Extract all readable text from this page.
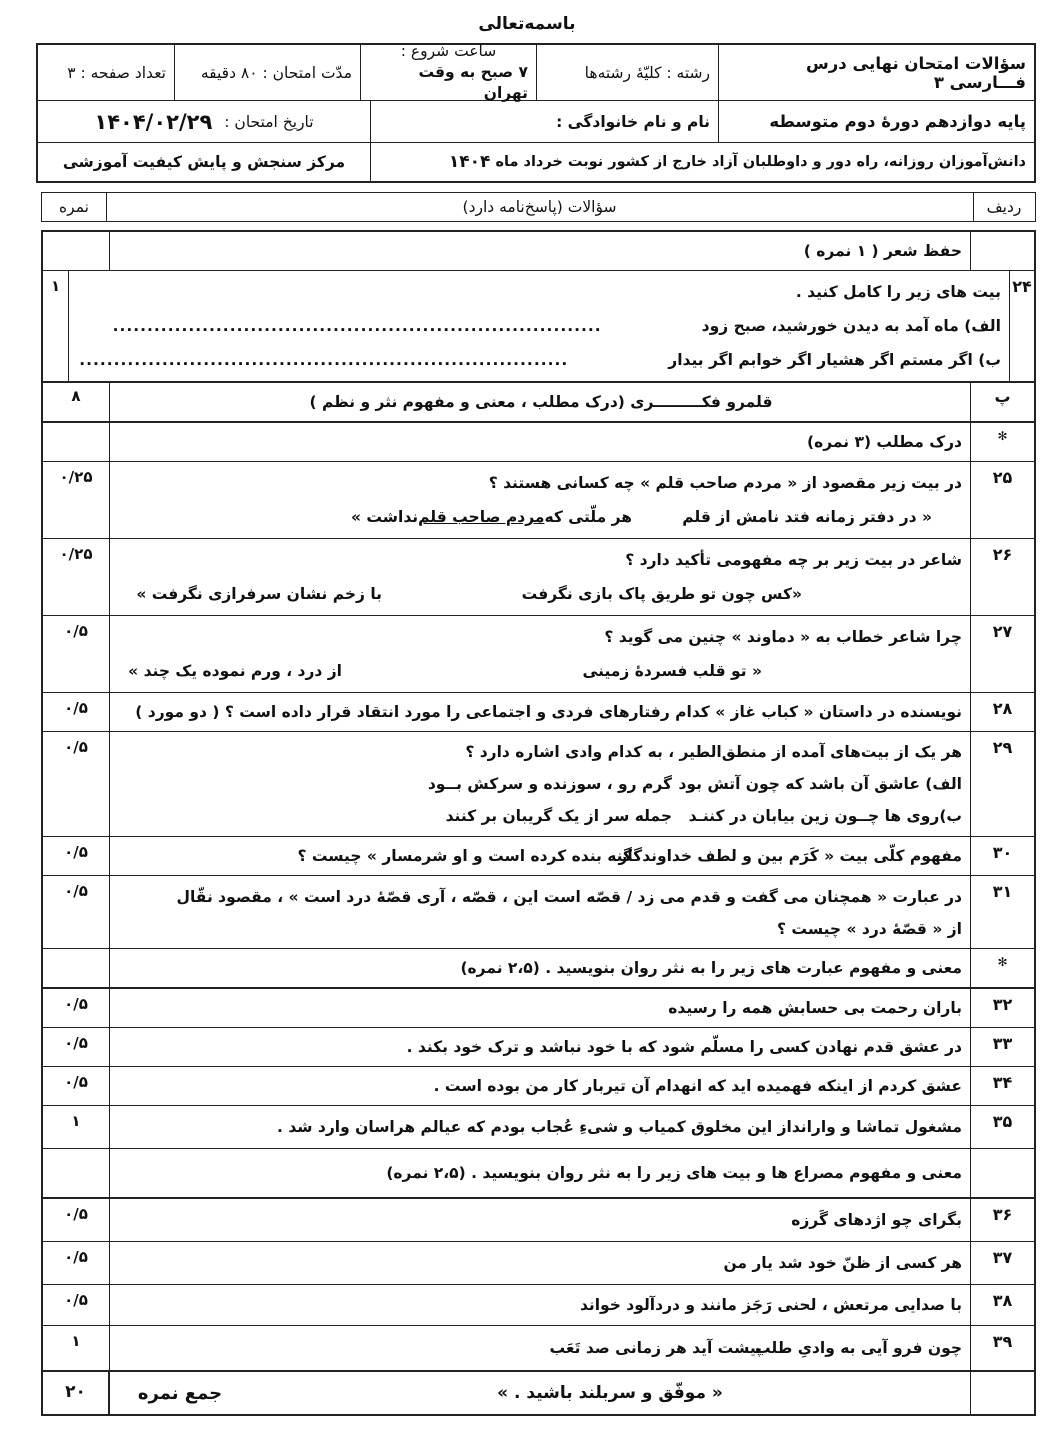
باسمه‌تعالی
سؤالات امتحان نهایی درس فـــارسی ۳
رشته : کلیّهٔ رشته‌ها
ساعت شروع :
۷ صبح به وقت تهران
مدّت امتحان : ۸۰ دقیقه
تعداد صفحه : ۳
پایه دوازدهم دورهٔ دوم متوسطه
نام و نام خانوادگی :
تاریخ امتحان :
۱۴۰۴/۰۲/۲۹
دانش‌آموزان روزانه، راه دور و داوطلبان آزاد خارج از کشور نوبت خرداد ماه

۱۴۰۴
مرکز سنجش و پایش کیفیت آموزشی
ردیف
سؤالات (پاسخ‌نامه دارد)
نمره
حفظ شعر ( ۱ نمره )
۲۴
بیت های زیر را کامل کنید .
الف) ماه آمد به دیدن خورشید، صبح زود
.......................................................................
ب) اگر مستم اگر هشیار اگر خوابم اگر بیدار
.......................................................................
۱
پ
قلمرو فکـــــــــری (درک مطلب ، معنی و مفهوم نثر و نظم )
۸
✻
درک مطلب (۳ نمره)
۲۵
در بیت زیر مقصود از « مردم صاحب قلم » چه کسانی هستند ؟
« در دفتر زمانه فتد نامش از قلم
هر ملّتی کهمردم صاحب قلمنداشت »
۰/۲۵
۲۶
شاعر در بیت زیر بر چه مفهومی تأکید دارد ؟
«کس چون تو طریق پاک بازی نگرفت
با زخم نشان سرفرازی نگرفت »
۰/۲۵
۲۷
چرا شاعر خطاب به « دماوند » چنین می گوید ؟
« تو قلب فسردهٔ زمینی
از درد ، ورم نموده یک چند »
۰/۵
۲۸
نویسنده در داستان « کباب غاز » کدام رفتارهای فردی و اجتماعی را مورد انتقاد قرار داده است ؟ ( دو مورد )
۰/۵
۲۹
هر یک از بیت‌های آمده از منطق‌الطیر ، به کدام وادی اشاره دارد ؟
الف) عاشق آن باشد که چون آتش بود
گرم رو ، سوزنده و سرکش بــود
ب)روی ها چــون زین بیابان در کننـد
جمله سر از یک گریبان بر کنند
۰/۵
۳۰
مفهوم کلّی بیت « کَرَم بین و لطف خداوندگار
گنه بنده کرده است و او شرمسار » چیست ؟
۰/۵
۳۱
در عبارت « همچنان می گفت و قدم می زد / قصّه است این ، قصّه ، آری قصّهٔ درد است » ، مقصود نقّال
از « قصّهٔ درد » چیست ؟
۰/۵
✻
معنی و مفهوم عبارت های زیر را به نثر روان بنویسید . (۲،۵ نمره)
۳۲
باران رحمت بی حسابش همه را رسیده
۰/۵
۳۳
در عشق قدم نهادن کسی را مسلّم شود که با خود نباشد و ترک خود بکند .
۰/۵
۳۴
عشق کردم از اینکه فهمیده اید که انهدام آن تیربار کار من بوده است .
۰/۵
۳۵
مشغول تماشا و وارانداز این مخلوق کمیاب و شیءِ عُجاب بودم که عیالم هراسان وارد شد .
۱
معنی و مفهوم مصراع ها و بیت های زیر را به نثر روان بنویسید . (۲،۵ نمره)
۳۶
بگرای چو اژدهای گَرزه
۰/۵
۳۷
هر کسی از ظنّ خود شد یار من
۰/۵
۳۸
با صدایی مرتعش ، لحنی رَجَز مانند و دردآلود خواند
۰/۵
۳۹
چون فرو آیی به وادیِ طلب
پیشت آید هر زمانی صد تَعَب
۱
« موفّق و سربلند باشید . »
جمع نمره
۲۰
